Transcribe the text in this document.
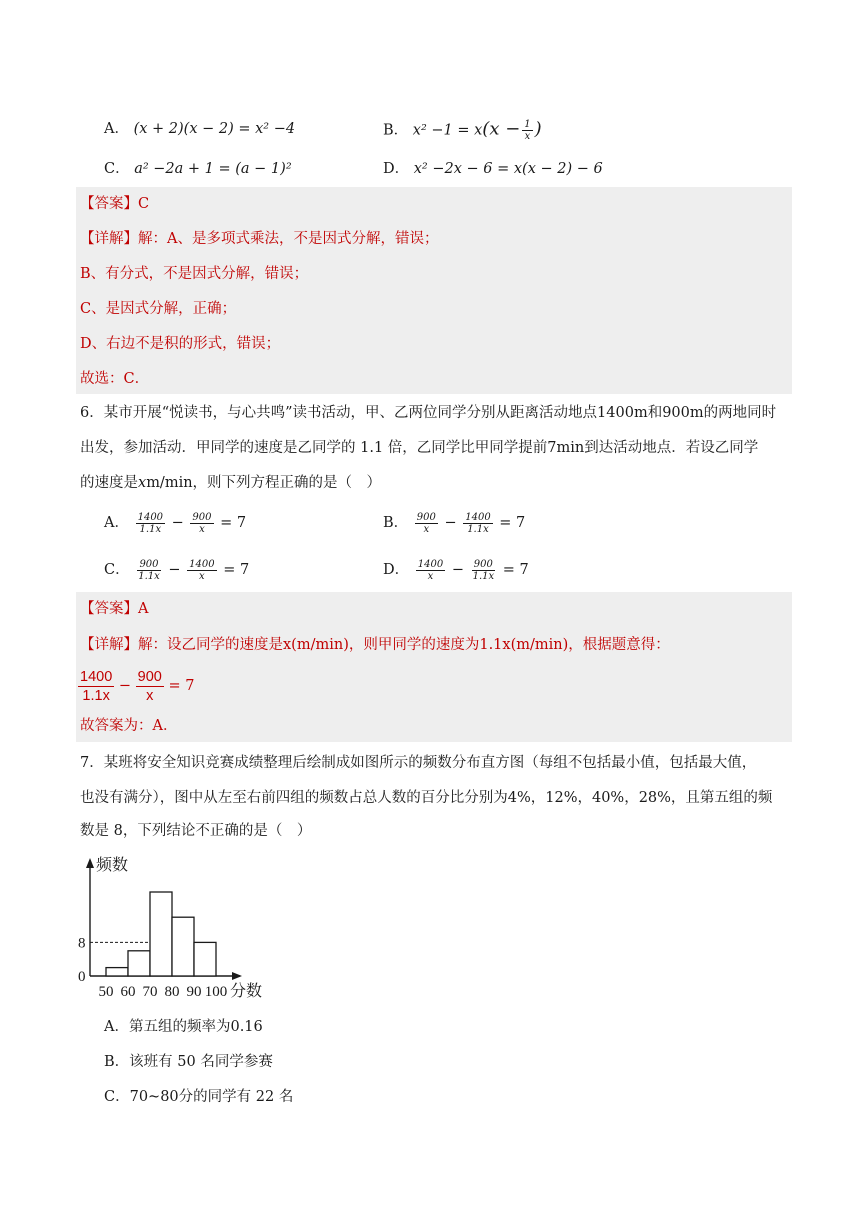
A． (x + 2)(x − 2) = x² −4	B． $x^2 -1 = x(x - \frac{1}{x}$ )
C． a² −2a + 1 = (a − 1)²	D． x² −2x − 6 = x(x − 2) − 6
【答案】C
【详解】解：A、是多项式乘法，不是因式分解，错误；
B、有分式，不是因式分解，错误；
C、是因式分解，正确；
D、右边不是积的形式，错误；
故选：C．
6．某市开展“悦读书，与心共鸣”读书活动，甲、乙两位同学分别从距离活动地点1400m和900m的两地同时
出发，参加活动．甲同学的速度是乙同学的 1.1 倍，乙同学比甲同学提前7min到达活动地点．若设乙同学
的速度是xm/min，则下列方程正确的是（　）
A． $\frac{1400}{1.1x} - \frac{900}{x} = 7$	B． $\frac{900}{x} - \frac{1400}{1.1x} = 7$
C． $\frac{900}{1.1x} - \frac{1400}{x} = 7$	D． $\frac{1400}{x} - \frac{900}{1.1x} = 7$
【答案】A
【详解】解：设乙同学的速度是x(m/min)，则甲同学的速度为1.1x(m/min)，根据题意得：
$\frac{1400}{1.1x} - \frac{900}{x} = 7$
故答案为：A．
7．某班将安全知识竞赛成绩整理后绘制成如图所示的频数分布直方图（每组不包括最小值，包括最大值，
也没有满分），图中从左至右前四组的频数占总人数的百分比分别为4%，12%，40%，28%，且第五组的频
数是 8，下列结论不正确的是（　）
频数
分数
0
8
50 60 70 80 90 100
A．第五组的频率为0.16
B．该班有 50 名同学参赛
C．70~80分的同学有 22 名
